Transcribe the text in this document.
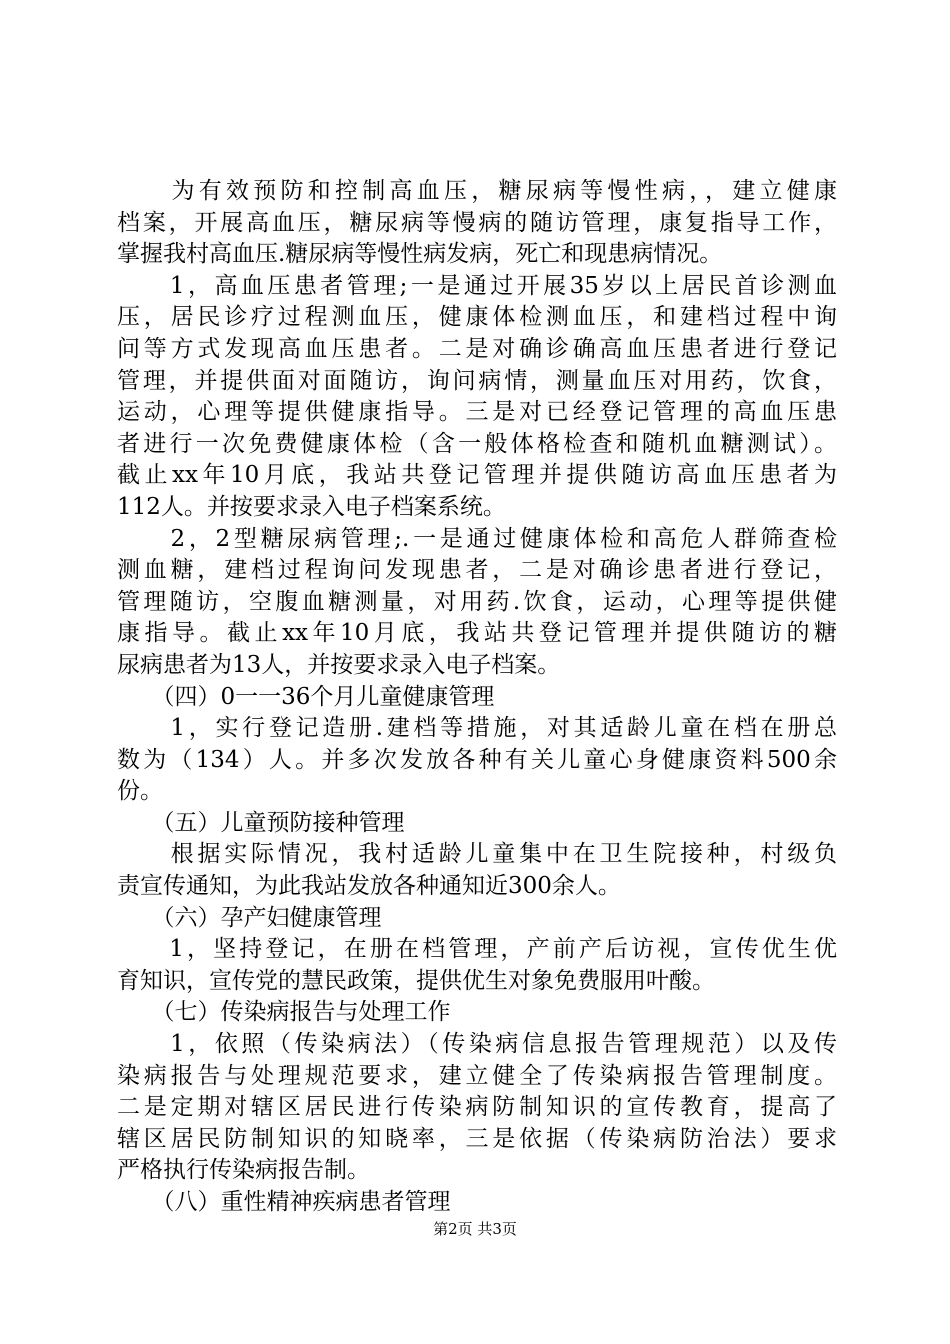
　　为有效预防和控制高血压，糖尿病等慢性病，，建立健康
档案，开展高血压，糖尿病等慢病的随访管理，康复指导工作，
掌握我村高血压.糖尿病等慢性病发病，死亡和现患病情况。
　　1，高血压患者管理;一是通过开展35岁以上居民首诊测血
压，居民诊疗过程测血压，健康体检测血压，和建档过程中询
问等方式发现高血压患者。二是对确诊确高血压患者进行登记
管理，并提供面对面随访，询问病情，测量血压对用药，饮食，
运动，心理等提供健康指导。三是对已经登记管理的高血压患
者进行一次免费健康体检（含一般体格检查和随机血糖测试）。
截止xx年10月底，我站共登记管理并提供随访高血压患者为
112人。并按要求录入电子档案系统。
　　2，2型糖尿病管理;.一是通过健康体检和高危人群筛查检
测血糖，建档过程询问发现患者，二是对确诊患者进行登记，
管理随访，空腹血糖测量，对用药.饮食，运动，心理等提供健
康指导。截止xx年10月底，我站共登记管理并提供随访的糖
尿病患者为13人，并按要求录入电子档案。
　　（四）0一一36个月儿童健康管理
　　1，实行登记造册.建档等措施，对其适龄儿童在档在册总
数为（134）人。并多次发放各种有关儿童心身健康资料500余
份。
　　（五）儿童预防接种管理
　　根据实际情况，我村适龄儿童集中在卫生院接种，村级负
责宣传通知，为此我站发放各种通知近300余人。
　　（六）孕产妇健康管理
　　1，坚持登记，在册在档管理，产前产后访视，宣传优生优
育知识，宣传党的慧民政策，提供优生对象免费服用叶酸。
　　（七）传染病报告与处理工作
　　1，依照（传染病法）（传染病信息报告管理规范）以及传
染病报告与处理规范要求，建立健全了传染病报告管理制度。
二是定期对辖区居民进行传染病防制知识的宣传教育，提高了
辖区居民防制知识的知晓率，三是依据（传染病防治法）要求
严格执行传染病报告制。
　　（八）重性精神疾病患者管理
第2页 共3页
